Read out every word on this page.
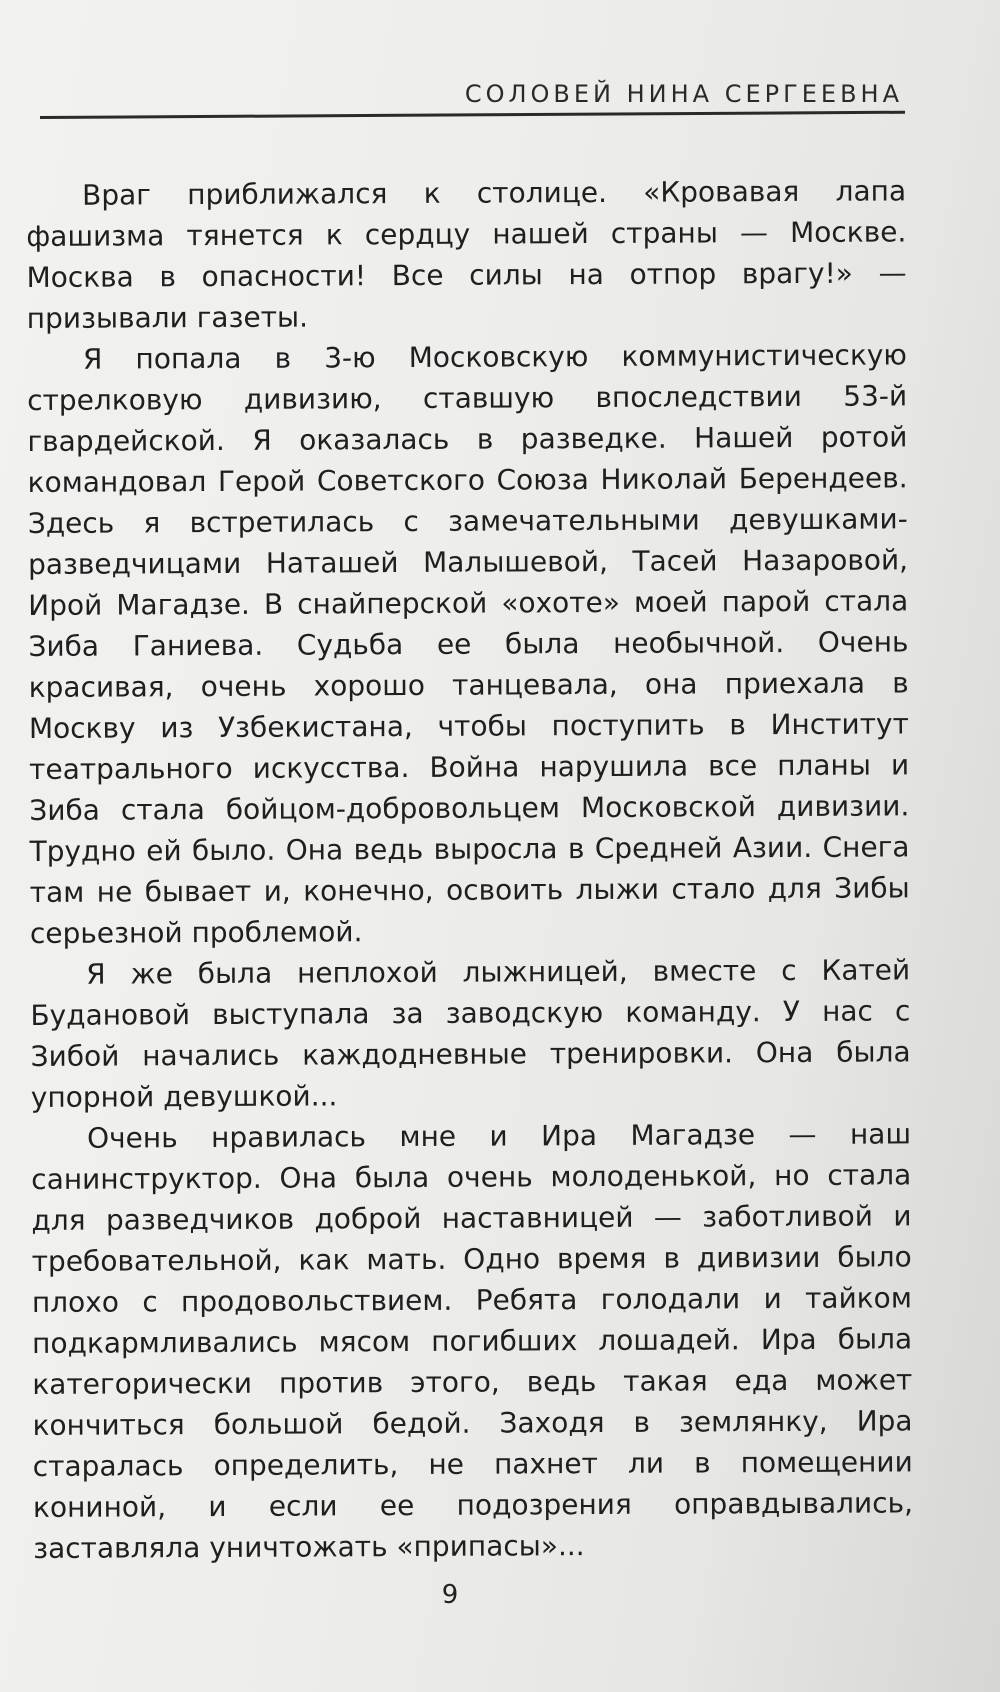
СОЛОВЕЙ НИНА СЕРГЕЕВНА

Враг приближался к столице. «Кровавая лапа фашизма тянется к сердцу нашей страны — Москве. Москва в опасности! Все силы на отпор врагу!» — призывали газеты.

Я попала в 3-ю Московскую коммунистическую стрелковую дивизию, ставшую впоследствии 53-й гвардейской. Я оказалась в разведке. Нашей ротой командовал Герой Советского Союза Николай Берендеев. Здесь я встретилась с замечательными девушками-разведчицами Наташей Малышевой, Тасей Назаровой, Ирой Магадзе. В снайперской «охоте» моей парой стала Зиба Ганиева. Судьба ее была необычной. Очень красивая, очень хорошо танцевала, она приехала в Москву из Узбекистана, чтобы поступить в Институт театрального искусства. Война нарушила все планы и Зиба стала бойцом-добровольцем Московской дивизии. Трудно ей было. Она ведь выросла в Средней Азии. Снега там не бывает и, конечно, освоить лыжи стало для Зибы серьезной проблемой.

Я же была неплохой лыжницей, вместе с Катей Будановой выступала за заводскую команду. У нас с Зибой начались каждодневные тренировки. Она была упорной девушкой...

Очень нравилась мне и Ира Магадзе — наш санинструктор. Она была очень молоденькой, но стала для разведчиков доброй наставницей — заботливой и требовательной, как мать. Одно время в дивизии было плохо с продовольствием. Ребята голодали и тайком подкармливались мясом погибших лошадей. Ира была категорически против этого, ведь такая еда может кончиться большой бедой. Заходя в землянку, Ира старалась определить, не пахнет ли в помещении кониной, и если ее подозрения оправдывались, заставляла уничтожать «припасы»...

9
